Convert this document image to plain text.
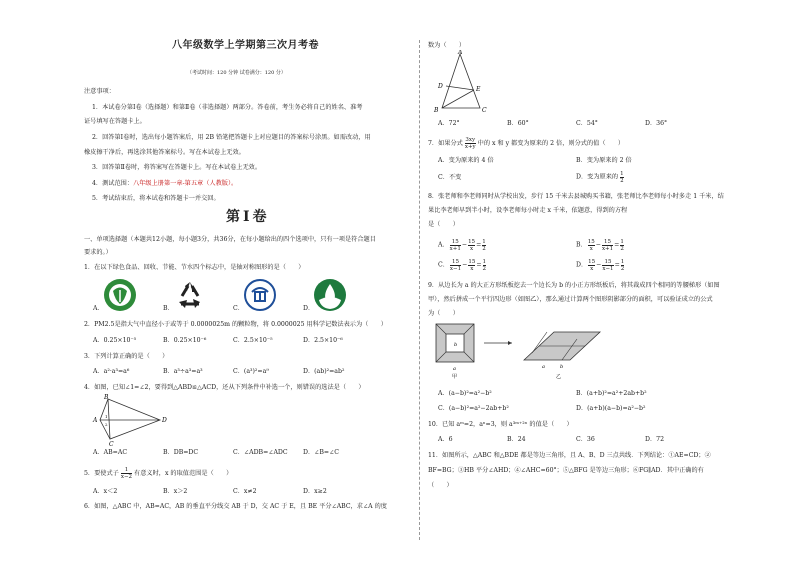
八年级数学上学期第三次月考卷
（考试时间：120 分钟 试卷满分：120 分）
注意事项：
1．本试卷分第Ⅰ卷（选择题）和第Ⅱ卷（非选择题）两部分。答卷前，考生务必将自己的姓名、准考
证号填写在答题卡上。
2．回答第Ⅰ卷时，选出每小题答案后，用 2B 铅笔把答题卡上对应题目的答案标号涂黑。如需改动，用
橡皮擦干净后，再选涂其他答案标号。写在本试卷上无效。
3．回答第Ⅱ卷时，将答案写在答题卡上。写在本试卷上无效。
4．测试范围：八年级上册第一章-第五章（人教版）。
5．考试结束后，将本试卷和答题卡一并交回。
第Ⅰ卷
一、单项选择题（本题共12小题，每小题3分，共36分，在每小题给出的四个选项中，只有一项是符合题目
要求的。）
1．在以下绿色食品、回收、节能、节水四个标志中，是轴对称图形的是（　　）
A．	B．	C．	D．
2．PM2.5是指大气中直径小于或等于 0.0000025m 的颗粒物，将 0.0000025 用科学记数法表示为（　　）
A．0.25×10⁻⁵	B．0.25×10⁻⁶	C．2.5×10⁻⁵	D．2.5×10⁻⁶
3．下列计算正确的是（　　）
A．a²·a³=a⁶	B．a³÷a³=a³	C．(a³)²=a⁹	D．(ab)²=ab²
4．如图，已知∠1=∠2，要得到△ABD≌△ACD，还从下列条件中补选一个，则错误的选法是（　　）
B
A
C
D
1
2
A．AB=AC	B．DB=DC	C．∠ADB=∠ADC D．∠B=∠C
5．要使式子 $\frac{1}{x-2}$ 有意义时，x 的取值范围是（　　）
A．x＜2	B．x＞2	C．x≠2	D．x≥2
6．如图，△ABC 中，AB=AC，AB 的垂直平分线交 AB 于 D，交 AC 于 E，且 BE 平分∠ABC，求∠A 的度
数为（　　）
A
D	E
B	C
A．72°	B．60°	C．54°	D．36°
7．如果分式 $\frac{3xy}{x+y}$ 中的 x 和 y 都变为原来的 2 倍，则分式的值（　　）
A．变为原来的 4 倍	B．变为原来的 2 倍
C．不变	D．变为原来的 $\frac{1}{2}$
8．张老师和李老师同时从学校出发，步行 15 千米去县城购买书籍，张老师比李老师每小时多走 1 千米，结
果比李老师早到半小时，设李老师每小时走 x 千米，依题意，得到的方程
是（　　）
A． $\frac{15}{x+1} - \frac{15}{x} = \frac{1}{2}$	B． $\frac{15}{x} - \frac{15}{x+1} = \frac{1}{2}$
C． $\frac{15}{x-1} - \frac{15}{x} = \frac{1}{2}$	D． $\frac{15}{x} - \frac{15}{x-1} = \frac{1}{2}$
9．从边长为 a 的大正方形纸板挖去一个边长为 b 的小正方形纸板后，将其裁成四个相同的等腰梯形（如图
甲），然后拼成一个平行四边形（如图乙），那么通过计算两个图形阴影部分的面积，可以验证成立的公式
为（　　）
b
a
甲
a	b
乙
A．(a−b)²=a²−b²	B．(a+b)²=a²+2ab+b²
C．(a−b)²=a²−2ab+b²	D．(a+b)(a−b)=a²−b²
10．已知 aᵐ=2，aⁿ=3，则 a³ᵐ⁺²ⁿ 的值是（　　）
A．6	B．24	C．36	D．72
11．如图所示，△ABC 和△BDE 都是等边三角形，且 A、B、D 三点共线．下列结论：①AE=CD；②
BF=BG；③HB 平分∠AHD；④∠AHC=60°；⑤△BFG 是等边三角形；⑥FG∥AD．其中正确的有
（　　）
